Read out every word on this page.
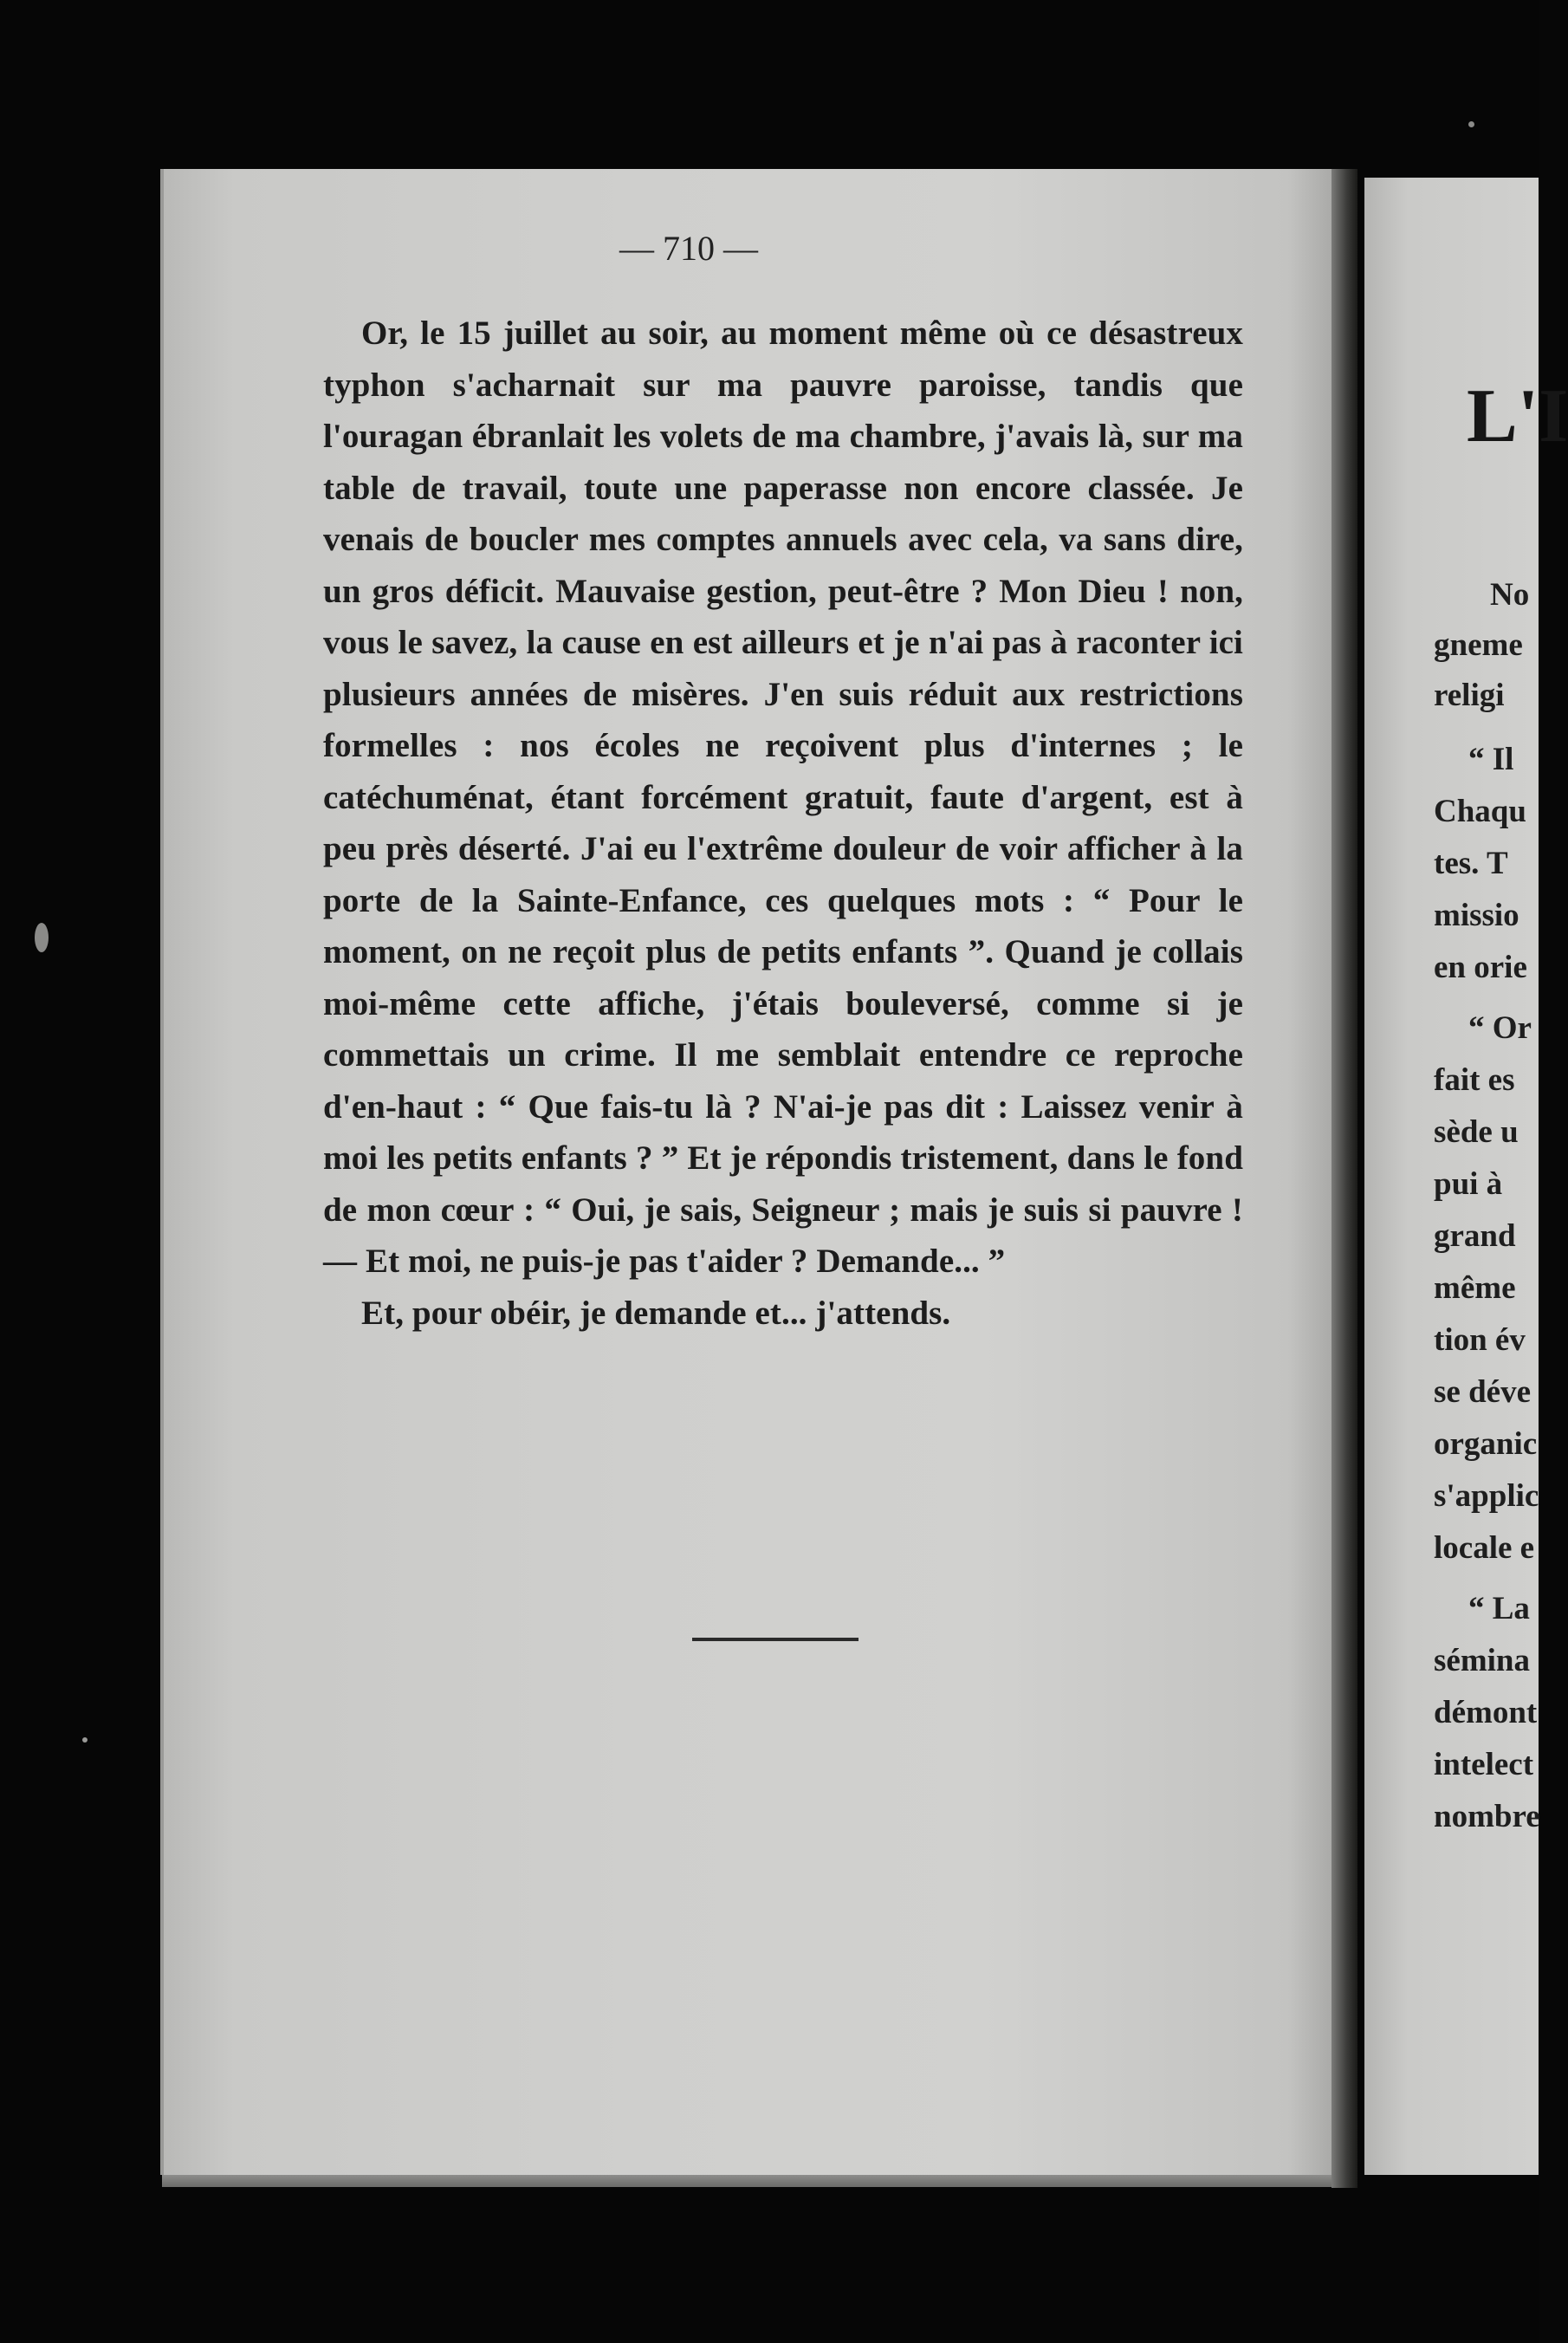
— 710 —

Or, le 15 juillet au soir, au moment même où ce désastreux typhon s'acharnait sur ma pauvre paroisse, tandis que l'ouragan ébranlait les volets de ma chambre, j'avais là, sur ma table de travail, toute une paperasse non encore classée. Je venais de boucler mes comptes annuels avec cela, va sans dire, un gros déficit. Mauvaise gestion, peut-être ? Mon Dieu ! non, vous le savez, la cause en est ailleurs et je n'ai pas à raconter ici plusieurs années de misères. J'en suis réduit aux restrictions formelles : nos écoles ne reçoivent plus d'internes ; le catéchuménat, étant forcément gratuit, faute d'argent, est à peu près déserté. J'ai eu l'extrême douleur de voir afficher à la porte de la Sainte-Enfance, ces quelques mots : “ Pour le moment, on ne reçoit plus de petits enfants ”. Quand je collais moi-même cette affiche, j'étais bouleversé, comme si je commettais un crime. Il me semblait entendre ce reproche d'en-haut : “ Que fais-tu là ? N'ai-je pas dit : Laissez venir à moi les petits enfants ? ” Et je répondis tristement, dans le fond de mon cœur : “ Oui, je sais, Seigneur ; mais je suis si pauvre ! — Et moi, ne puis-je pas t'aider ? Demande... ”

Et, pour obéir, je demande et... j'attends.

L'I
No
gneme
religi
“ Il
Chaqu
tes. T
missio
en orie
“ Or
fait es
sède u
pui à
grand
même
tion év
se déve
organic
s'applic
locale e
“ La
sémina
démont
intelect
nombre
